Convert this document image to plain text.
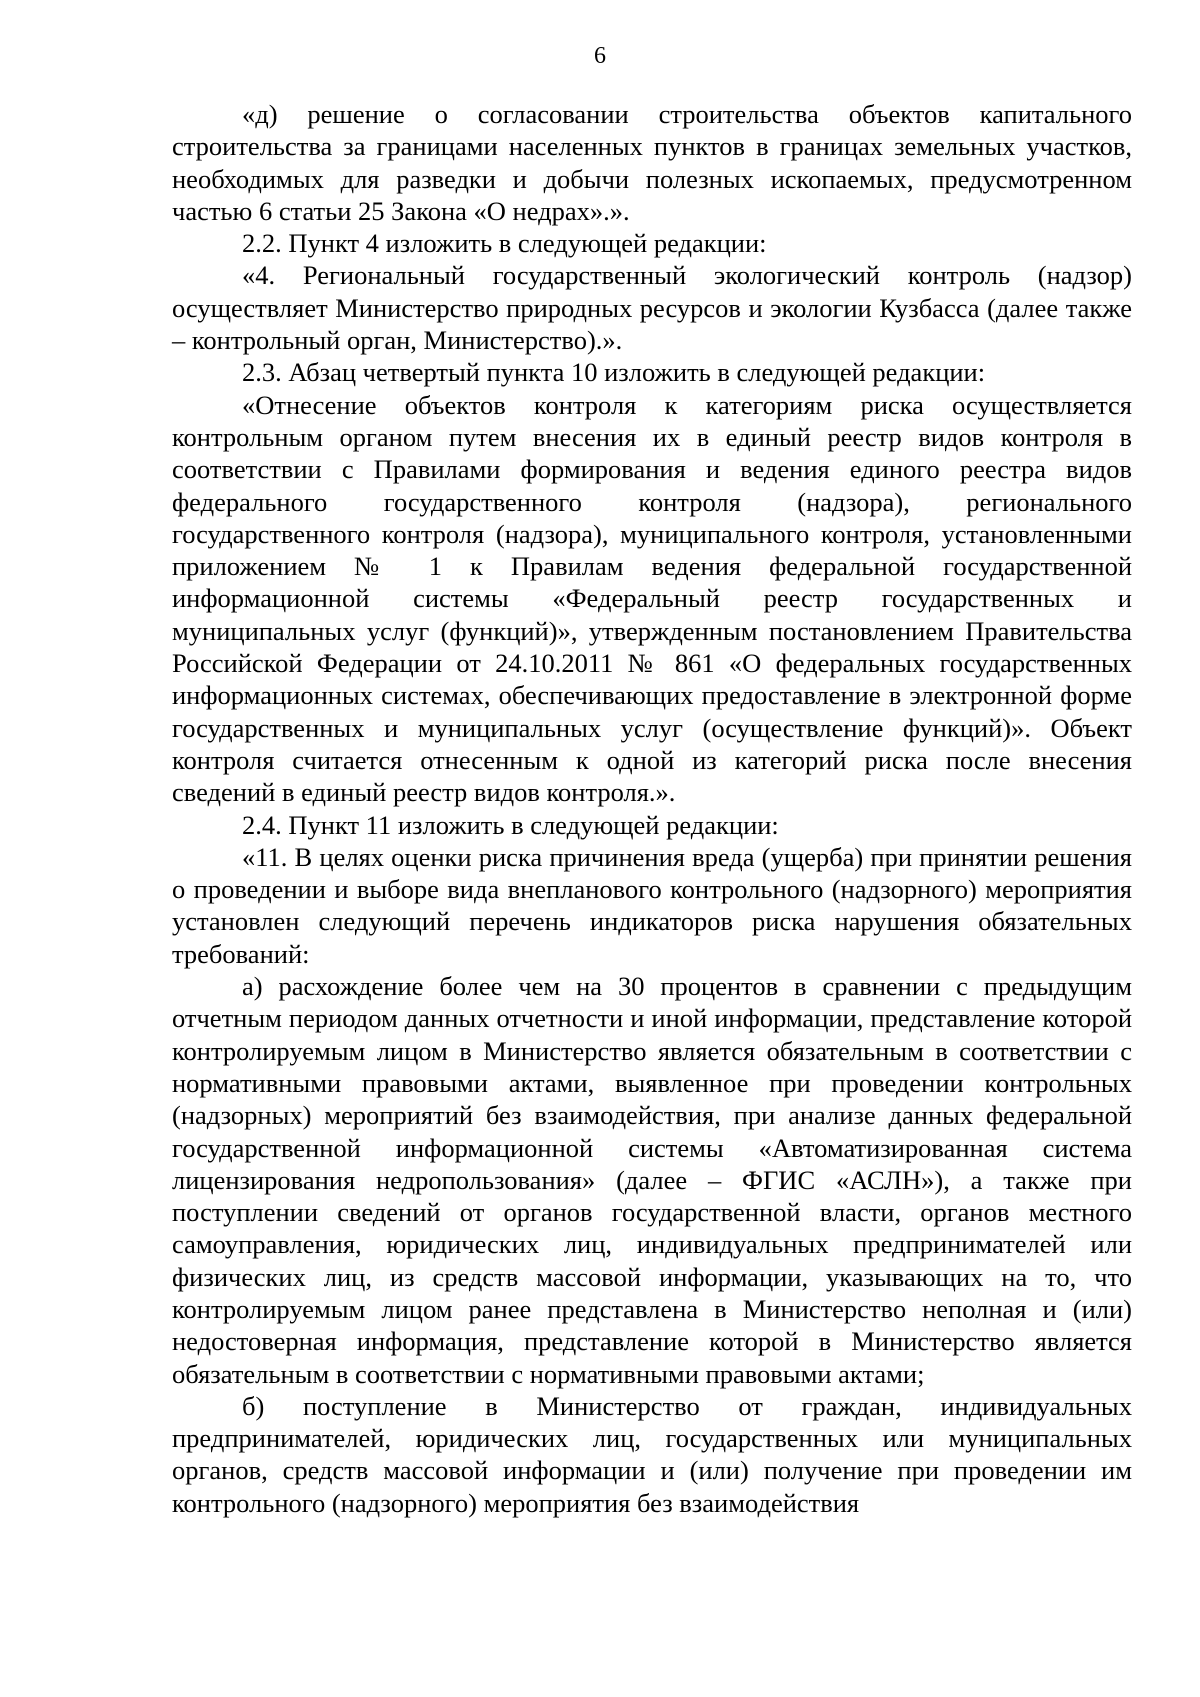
6

«д) решение о согласовании строительства объектов капитального строительства за границами населенных пунктов в границах земельных участков, необходимых для разведки и добычи полезных ископаемых, предусмотренном частью 6 статьи 25 Закона «О недрах».».

2.2. Пункт 4 изложить в следующей редакции:

«4. Региональный государственный экологический контроль (надзор) осуществляет Министерство природных ресурсов и экологии Кузбасса (далее также – контрольный орган, Министерство).».

2.3. Абзац четвертый пункта 10 изложить в следующей редакции:

«Отнесение объектов контроля к категориям риска осуществляется контрольным органом путем внесения их в единый реестр видов контроля в соответствии с Правилами формирования и ведения единого реестра видов федерального государственного контроля (надзора), регионального государственного контроля (надзора), муниципального контроля, установленными приложением № 1 к Правилам ведения федеральной государственной информационной системы «Федеральный реестр государственных и муниципальных услуг (функций)», утвержденным постановлением Правительства Российской Федерации от 24.10.2011 № 861 «О федеральных государственных информационных системах, обеспечивающих предоставление в электронной форме государственных и муниципальных услуг (осуществление функций)». Объект контроля считается отнесенным к одной из категорий риска после внесения сведений в единый реестр видов контроля.».

2.4. Пункт 11 изложить в следующей редакции:

«11. В целях оценки риска причинения вреда (ущерба) при принятии решения о проведении и выборе вида внепланового контрольного (надзорного) мероприятия установлен следующий перечень индикаторов риска нарушения обязательных требований:

а) расхождение более чем на 30 процентов в сравнении с предыдущим отчетным периодом данных отчетности и иной информации, представление которой контролируемым лицом в Министерство является обязательным в соответствии с нормативными правовыми актами, выявленное при проведении контрольных (надзорных) мероприятий без взаимодействия, при анализе данных федеральной государственной информационной системы «Автоматизированная система лицензирования недропользования» (далее – ФГИС «АСЛН»), а также при поступлении сведений от органов государственной власти, органов местного самоуправления, юридических лиц, индивидуальных предпринимателей или физических лиц, из средств массовой информации, указывающих на то, что контролируемым лицом ранее представлена в Министерство неполная и (или) недостоверная информация, представление которой в Министерство является обязательным в соответствии с нормативными правовыми актами;

б) поступление в Министерство от граждан, индивидуальных предпринимателей, юридических лиц, государственных или муниципальных органов, средств массовой информации и (или) получение при проведении им контрольного (надзорного) мероприятия без взаимодействия
